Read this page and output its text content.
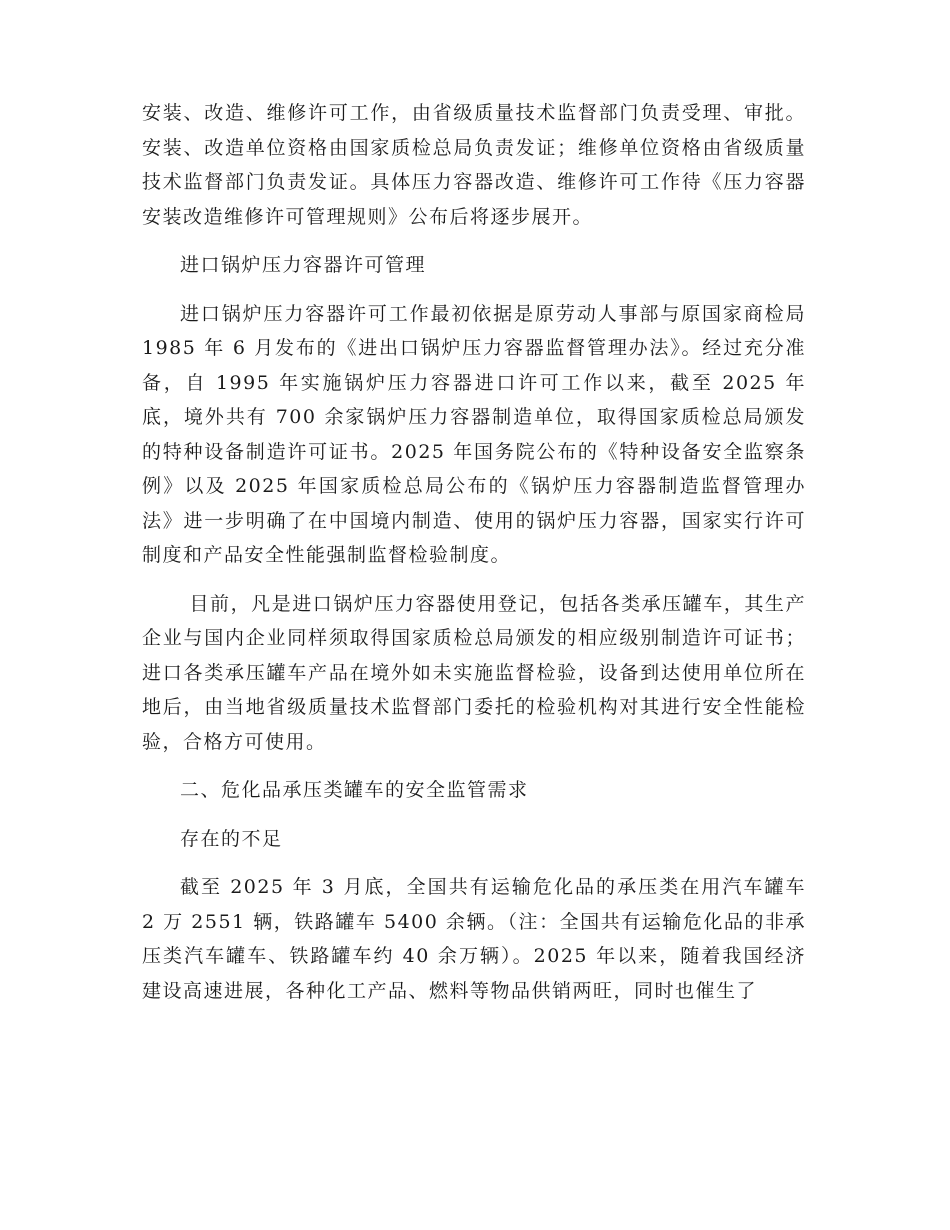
安装、改造、维修许可工作，由省级质量技术监督部门负责受理、审批。安装、改造单位资格由国家质检总局负责发证；维修单位资格由省级质量技术监督部门负责发证。具体压力容器改造、维修许可工作待《压力容器安装改造维修许可管理规则》公布后将逐步展开。

进口锅炉压力容器许可管理

进口锅炉压力容器许可工作最初依据是原劳动人事部与原国家商检局 1985 年 6 月发布的《进出口锅炉压力容器监督管理办法》。经过充分准备，自 1995 年实施锅炉压力容器进口许可工作以来，截至 2025 年底，境外共有 700 余家锅炉压力容器制造单位，取得国家质检总局颁发的特种设备制造许可证书。2025 年国务院公布的《特种设备安全监察条例》以及 2025 年国家质检总局公布的《锅炉压力容器制造监督管理办法》进一步明确了在中国境内制造、使用的锅炉压力容器，国家实行许可制度和产品安全性能强制监督检验制度。

目前，凡是进口锅炉压力容器使用登记，包括各类承压罐车，其生产企业与国内企业同样须取得国家质检总局颁发的相应级别制造许可证书；进口各类承压罐车产品在境外如未实施监督检验，设备到达使用单位所在地后，由当地省级质量技术监督部门委托的检验机构对其进行安全性能检验，合格方可使用。

二、危化品承压类罐车的安全监管需求

存在的不足

截至 2025 年 3 月底，全国共有运输危化品的承压类在用汽车罐车 2 万 2551 辆，铁路罐车 5400 余辆。（注：全国共有运输危化品的非承压类汽车罐车、铁路罐车约 40 余万辆）。2025 年以来，随着我国经济建设高速进展，各种化工产品、燃料等物品供销两旺，同时也催生了
